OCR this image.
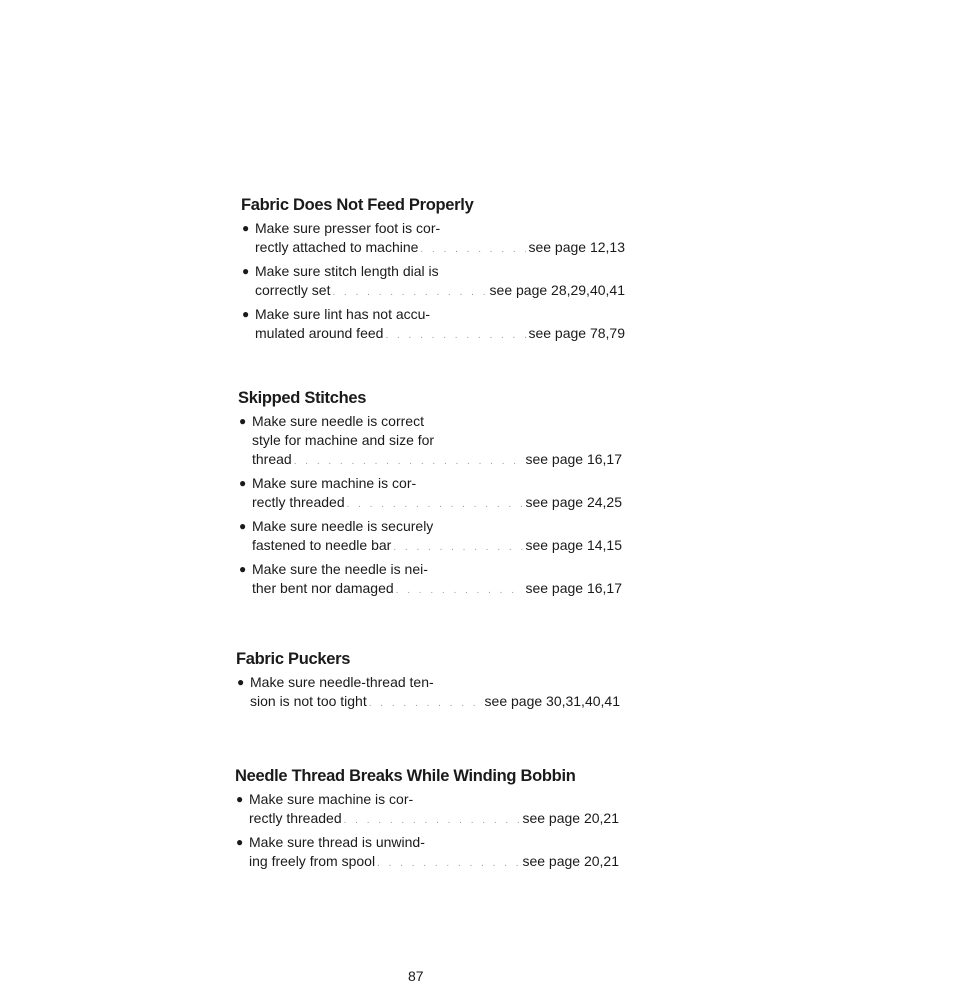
Fabric Does Not Feed Properly
● Make sure presser foot is cor-
rectly attached to machine . . .	see page 12,13
● Make sure stitch length dial is
correctly set . . .	see page 28,29,40,41
● Make sure lint has not accu-
mulated around feed . . .	see page 78,79
Skipped Stitches
● Make sure needle is correct
style for machine and size for
thread . . .	see page 16,17
● Make sure machine is cor-
rectly threaded . . .	see page 24,25
● Make sure needle is securely
fastened to needle bar . . .	see page 14,15
● Make sure the needle is nei-
ther bent nor damaged . . .	see page 16,17
Fabric Puckers
● Make sure needle-thread ten-
sion is not too tight . . .	see page 30,31,40,41
Needle Thread Breaks While Winding Bobbin
● Make sure machine is cor-
rectly threaded . . .	see page 20,21
● Make sure thread is unwind-
ing freely from spool . . .	see page 20,21
87
